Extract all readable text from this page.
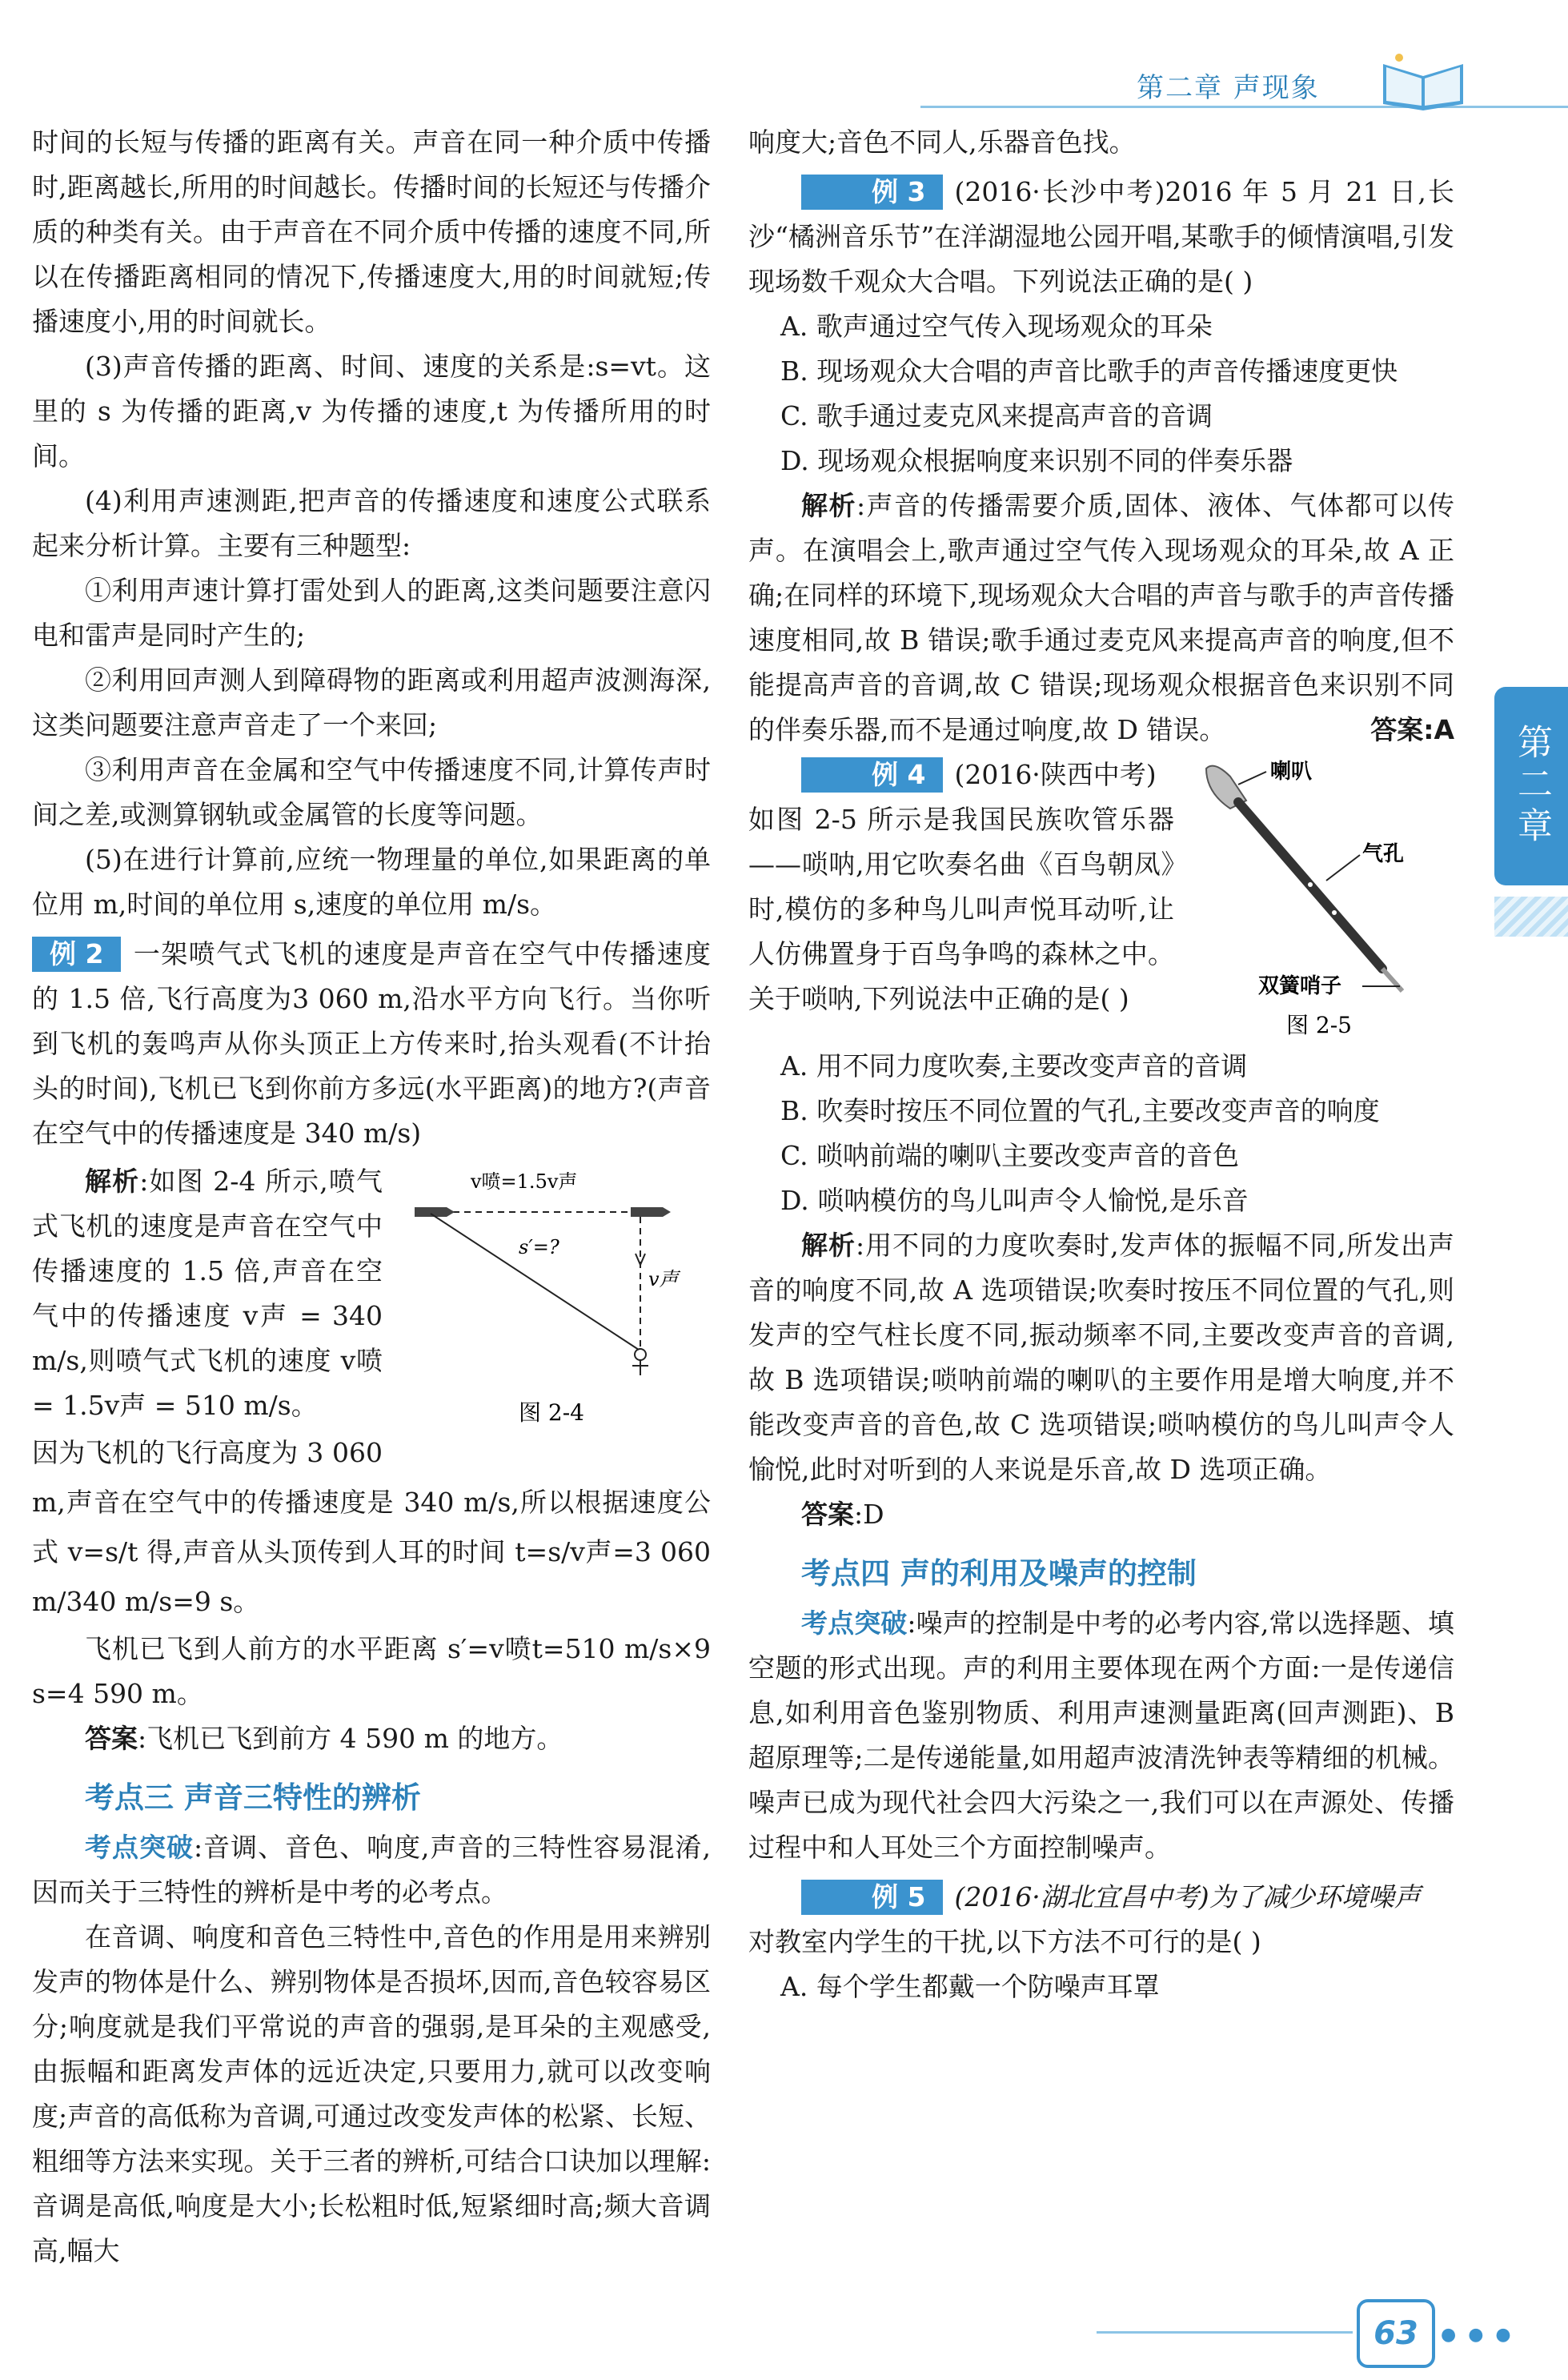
第二章 声现象
第二章

时间的长短与传播的距离有关。声音在同一种介质中传播时,距离越长,所用的时间越长。传播时间的长短还与传播介质的种类有关。由于声音在不同介质中传播的速度不同,所以在传播距离相同的情况下,传播速度大,用的时间就短;传播速度小,用的时间就长。

(3)声音传播的距离、时间、速度的关系是:s=vt。这里的 s 为传播的距离,v 为传播的速度,t 为传播所用的时间。

(4)利用声速测距,把声音的传播速度和速度公式联系起来分析计算。主要有三种题型:

①利用声速计算打雷处到人的距离,这类问题要注意闪电和雷声是同时产生的;

②利用回声测人到障碍物的距离或利用超声波测海深,这类问题要注意声音走了一个来回;

③利用声音在金属和空气中传播速度不同,计算传声时间之差,或测算钢轨或金属管的长度等问题。

(5)在进行计算前,应统一物理量的单位,如果距离的单位用 m,时间的单位用 s,速度的单位用 m/s。

例 2 一架喷气式飞机的速度是声音在空气中传播速度的 1.5 倍,飞行高度为3 060 m,沿水平方向飞行。当你听到飞机的轰鸣声从你头顶正上方传来时,抬头观看(不计抬头的时间),飞机已飞到你前方多远(水平距离)的地方?(声音在空气中的传播速度是 340 m/s)

v喷=1.5v声
s′=?
v声
图 2-4

解析:如图 2-4 所示,喷气式飞机的速度是声音在空气中传播速度的 1.5 倍,声音在空气中的传播速度 v声 = 340 m/s,则喷气式飞机的速度 v喷 = 1.5v声 = 510 m/s。

因为飞机的飞行高度为 3 060 m,声音在空气中的传播速度是 340 m/s,所以根据速度公式 v=s/t 得,声音从头顶传到人耳的时间 t=s/v声=3 060 m/340 m/s=9 s。

飞机已飞到人前方的水平距离 s′=v喷t=510 m/s×9 s=4 590 m。

答案:飞机已飞到前方 4 590 m 的地方。

考点三 声音三特性的辨析

考点突破:音调、音色、响度,声音的三特性容易混淆,因而关于三特性的辨析是中考的必考点。

在音调、响度和音色三特性中,音色的作用是用来辨别发声的物体是什么、辨别物体是否损坏,因而,音色较容易区分;响度就是我们平常说的声音的强弱,是耳朵的主观感受,由振幅和距离发声体的远近决定,只要用力,就可以改变响度;声音的高低称为音调,可通过改变发声体的松紧、长短、粗细等方法来实现。关于三者的辨析,可结合口诀加以理解:音调是高低,响度是大小;长松粗时低,短紧细时高;频大音调高,幅大

响度大;音色不同人,乐器音色找。

例 3 (2016·长沙中考)2016 年 5 月 21 日,长沙“橘洲音乐节”在洋湖湿地公园开唱,某歌手的倾情演唱,引发现场数千观众大合唱。下列说法正确的是( )

A. 歌声通过空气传入现场观众的耳朵

B. 现场观众大合唱的声音比歌手的声音传播速度更快

C. 歌手通过麦克风来提高声音的音调

D. 现场观众根据响度来识别不同的伴奏乐器

解析:声音的传播需要介质,固体、液体、气体都可以传声。在演唱会上,歌声通过空气传入现场观众的耳朵,故 A 正确;在同样的环境下,现场观众大合唱的声音与歌手的声音传播速度相同,故 B 错误;歌手通过麦克风来提高声音的响度,但不能提高声音的音调,故 C 错误;现场观众根据音色来识别不同的伴奏乐器,而不是通过响度,故 D 错误。	答案:A

喇叭
气孔
双簧哨子
图 2-5

例 4 (2016·陕西中考)

如图 2-5 所示是我国民族吹管乐器——唢呐,用它吹奏名曲《百鸟朝凤》时,模仿的多种鸟儿叫声悦耳动听,让人仿佛置身于百鸟争鸣的森林之中。关于唢呐,下列说法中正确的是( )

A. 用不同力度吹奏,主要改变声音的音调

B. 吹奏时按压不同位置的气孔,主要改变声音的响度

C. 唢呐前端的喇叭主要改变声音的音色

D. 唢呐模仿的鸟儿叫声令人愉悦,是乐音

解析:用不同的力度吹奏时,发声体的振幅不同,所发出声音的响度不同,故 A 选项错误;吹奏时按压不同位置的气孔,则发声的空气柱长度不同,振动频率不同,主要改变声音的音调,故 B 选项错误;唢呐前端的喇叭的主要作用是增大响度,并不能改变声音的音色,故 C 选项错误;唢呐模仿的鸟儿叫声令人愉悦,此时对听到的人来说是乐音,故 D 选项正确。

答案:D

考点四 声的利用及噪声的控制

考点突破:噪声的控制是中考的必考内容,常以选择题、填空题的形式出现。声的利用主要体现在两个方面:一是传递信息,如利用音色鉴别物质、利用声速测量距离(回声测距)、B 超原理等;二是传递能量,如用超声波清洗钟表等精细的机械。噪声已成为现代社会四大污染之一,我们可以在声源处、传播过程中和人耳处三个方面控制噪声。

例 5 (2016·湖北宜昌中考)为了减少环境噪声

对教室内学生的干扰,以下方法不可行的是( )

A. 每个学生都戴一个防噪声耳罩

63	● ● ●
